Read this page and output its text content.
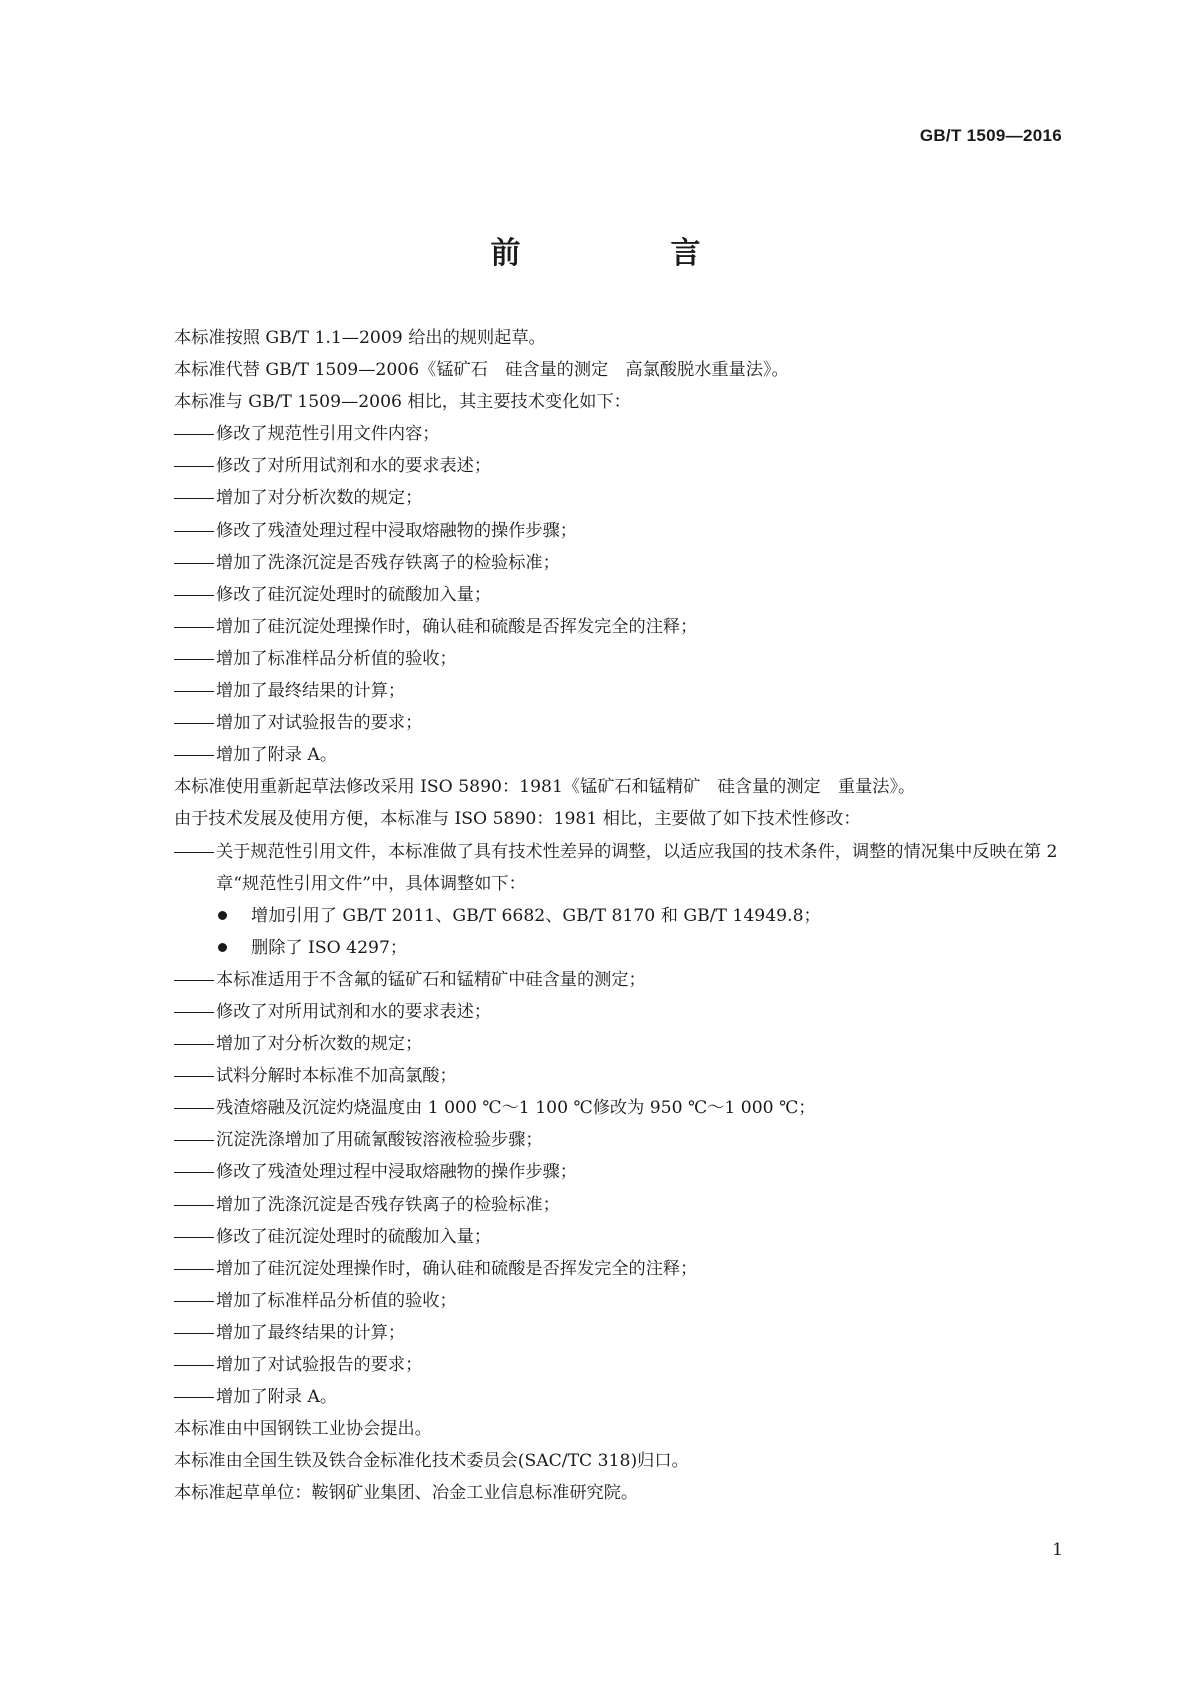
GB/T 1509—2016
前　言
本标准按照 GB/T 1.1—2009 给出的规则起草。
本标准代替 GB/T 1509—2006《锰矿石　硅含量的测定　高氯酸脱水重量法》。
本标准与 GB/T 1509—2006 相比，其主要技术变化如下：
修改了规范性引用文件内容；
修改了对所用试剂和水的要求表述；
增加了对分析次数的规定；
修改了残渣处理过程中浸取熔融物的操作步骤；
增加了洗涤沉淀是否残存铁离子的检验标准；
修改了硅沉淀处理时的硫酸加入量；
增加了硅沉淀处理操作时，确认硅和硫酸是否挥发完全的注释；
增加了标准样品分析值的验收；
增加了最终结果的计算；
增加了对试验报告的要求；
增加了附录 A。
本标准使用重新起草法修改采用 ISO 5890：1981《锰矿石和锰精矿　硅含量的测定　重量法》。
由于技术发展及使用方便，本标准与 ISO 5890：1981 相比，主要做了如下技术性修改：
关于规范性引用文件，本标准做了具有技术性差异的调整，以适应我国的技术条件，调整的情况集中反映在第 2 章“规范性引用文件”中，具体调整如下：
增加引用了 GB/T 2011、GB/T 6682、GB/T 8170 和 GB/T 14949.8；
删除了 ISO 4297；
本标准适用于不含氟的锰矿石和锰精矿中硅含量的测定；
修改了对所用试剂和水的要求表述；
增加了对分析次数的规定；
试料分解时本标准不加高氯酸；
残渣熔融及沉淀灼烧温度由 1 000 ℃～1 100 ℃修改为 950 ℃～1 000 ℃；
沉淀洗涤增加了用硫氰酸铵溶液检验步骤；
修改了残渣处理过程中浸取熔融物的操作步骤；
增加了洗涤沉淀是否残存铁离子的检验标准；
修改了硅沉淀处理时的硫酸加入量；
增加了硅沉淀处理操作时，确认硅和硫酸是否挥发完全的注释；
增加了标准样品分析值的验收；
增加了最终结果的计算；
增加了对试验报告的要求；
增加了附录 A。
本标准由中国钢铁工业协会提出。
本标准由全国生铁及铁合金标准化技术委员会(SAC/TC 318)归口。
本标准起草单位：鞍钢矿业集团、冶金工业信息标准研究院。
1
